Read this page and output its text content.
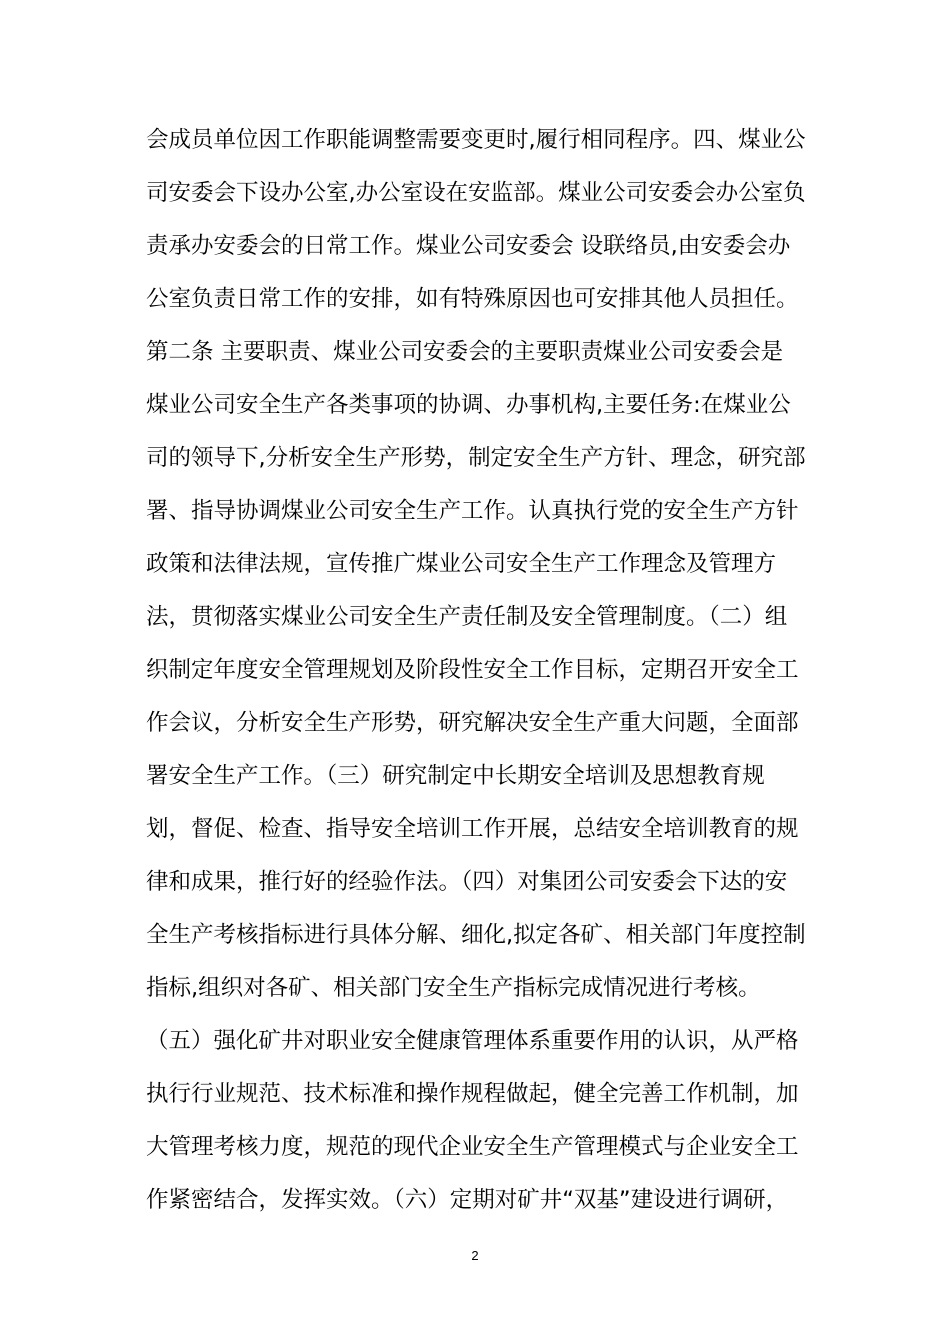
会成员单位因工作职能调整需要变更时,履行相同程序。四、煤业公
司安委会下设办公室,办公室设在安监部。煤业公司安委会办公室负
责承办安委会的日常工作。煤业公司安委会 设联络员,由安委会办
公室负责日常工作的安排，如有特殊原因也可安排其他人员担任。
第二条 主要职责、煤业公司安委会的主要职责煤业公司安委会是
煤业公司安全生产各类事项的协调、办事机构,主要任务:在煤业公
司的领导下,分析安全生产形势，制定安全生产方针、理念，研究部
署、指导协调煤业公司安全生产工作。认真执行党的安全生产方针
政策和法律法规，宣传推广煤业公司安全生产工作理念及管理方
法，贯彻落实煤业公司安全生产责任制及安全管理制度。（二）组
织制定年度安全管理规划及阶段性安全工作目标，定期召开安全工
作会议，分析安全生产形势，研究解决安全生产重大问题，全面部
署安全生产工作。（三）研究制定中长期安全培训及思想教育规
划，督促、检查、指导安全培训工作开展，总结安全培训教育的规
律和成果，推行好的经验作法。（四）对集团公司安委会下达的安
全生产考核指标进行具体分解、细化,拟定各矿、相关部门年度控制
指标,组织对各矿、相关部门安全生产指标完成情况进行考核。
（五）强化矿井对职业安全健康管理体系重要作用的认识，从严格
执行行业规范、技术标准和操作规程做起，健全完善工作机制，加
大管理考核力度，规范的现代企业安全生产管理模式与企业安全工
作紧密结合，发挥实效。（六）定期对矿井“双基”建设进行调研，
2
